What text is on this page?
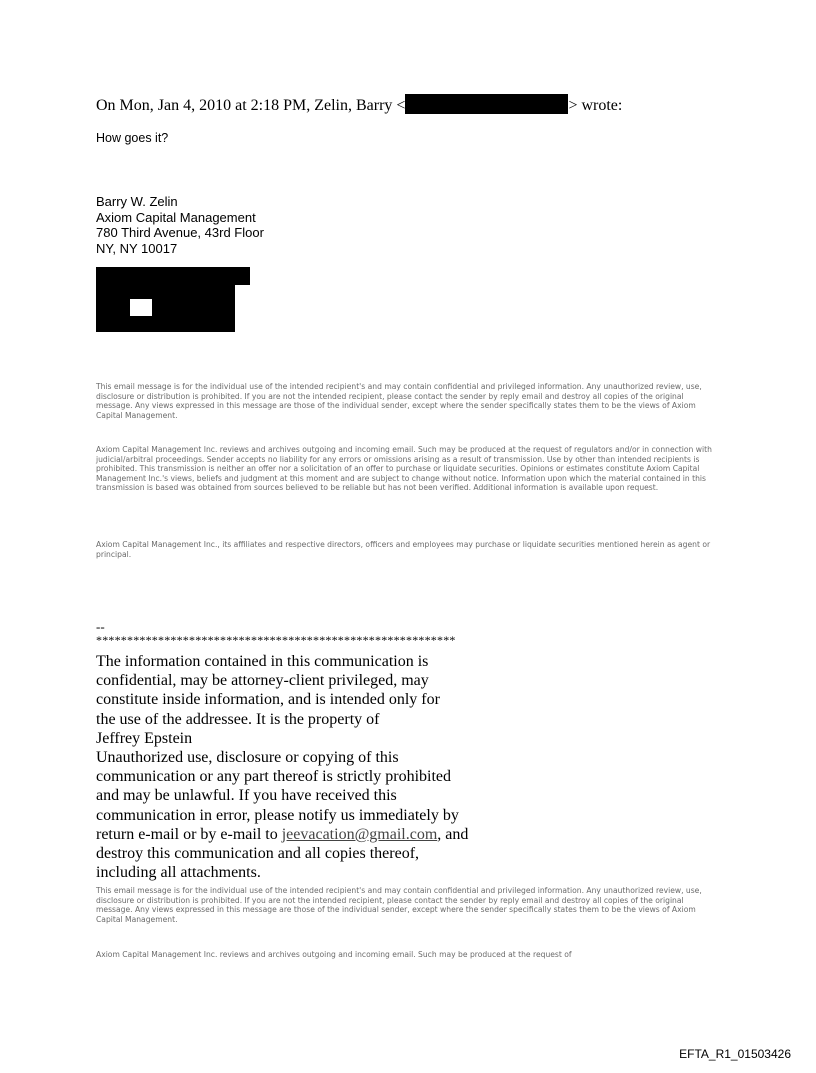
On Mon, Jan 4, 2010 at 2:18 PM, Zelin, Barry <	> wrote:

How goes it?

Barry W. Zelin
Axiom Capital Management
780 Third Avenue, 43rd Floor
NY, NY 10017

This email message is for the individual use of the intended recipient's and may contain confidential and privileged information. Any unauthorized review, use, disclosure or distribution is prohibited. If you are not the intended recipient, please contact the sender by reply email and destroy all copies of the original message. Any views expressed in this message are those of the individual sender, except where the sender specifically states them to be the views of Axiom Capital Management.

Axiom Capital Management Inc. reviews and archives outgoing and incoming email. Such may be produced at the request of regulators and/or in connection with judicial/arbitral proceedings. Sender accepts no liability for any errors or omissions arising as a result of transmission. Use by other than intended recipients is prohibited. This transmission is neither an offer nor a solicitation of an offer to purchase or liquidate securities. Opinions or estimates constitute Axiom Capital Management Inc.'s views, beliefs and judgment at this moment and are subject to change without notice. Information upon which the material contained in this transmission is based was obtained from sources believed to be reliable but has not been verified. Additional information is available upon request.

Axiom Capital Management Inc., its affiliates and respective directors, officers and employees may purchase or liquidate securities mentioned herein as agent or principal.

--

**********************************************************

The information contained in this communication is
confidential, may be attorney-client privileged, may
constitute inside information, and is intended only for
the use of the addressee. It is the property of
Jeffrey Epstein
Unauthorized use, disclosure or copying of this
communication or any part thereof is strictly prohibited
and may be unlawful. If you have received this
communication in error, please notify us immediately by
return e-mail or by e-mail to jeevacation@gmail.com, and
destroy this communication and all copies thereof,
including all attachments.

This email message is for the individual use of the intended recipient's and may contain confidential and privileged information. Any unauthorized review, use, disclosure or distribution is prohibited. If you are not the intended recipient, please contact the sender by reply email and destroy all copies of the original message. Any views expressed in this message are those of the individual sender, except where the sender specifically states them to be the views of Axiom Capital Management.

Axiom Capital Management Inc. reviews and archives outgoing and incoming email. Such may be produced at the request of

EFTA_R1_01503426
